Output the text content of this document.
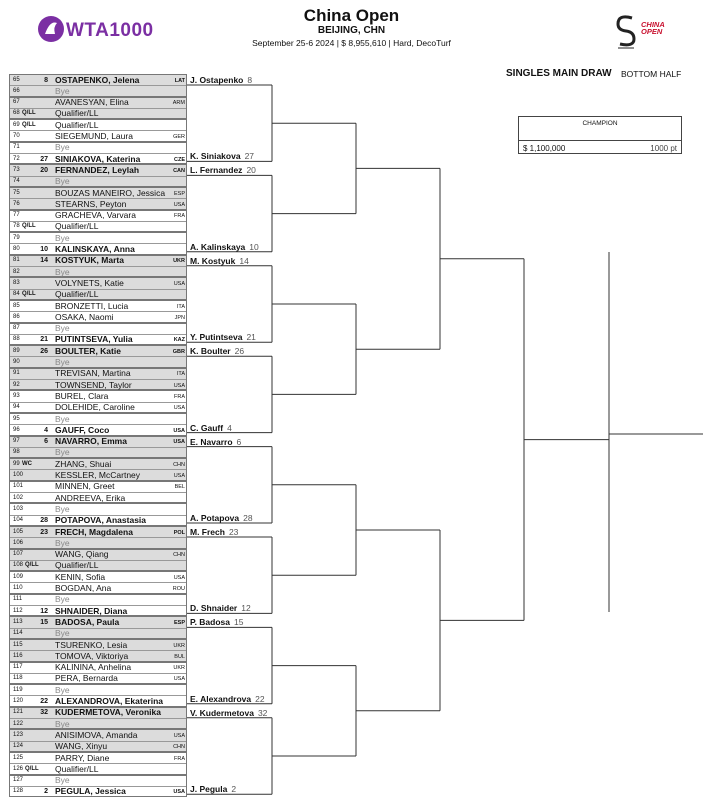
WTA1000
China Open
BEIJING, CHN
September 25-6 2024 | $ 8,955,610 | Hard, DecoTurf
CHINA
OPEN
SINGLES MAIN DRAW BOTTOM HALF
CHAMPION
$ 1,100,000	1000 pt
65	8 OSTAPENKO, Jelena	LAT
66	Bye
67	AVANESYAN, Elina	ARM
68 Q/LL Qualifier/LL
69 Q/LL Qualifier/LL
70	SIEGEMUND, Laura	GER
71	Bye
72	27 SINIAKOVA, Katerina	CZE
73	20 FERNANDEZ, Leylah	CAN
74	Bye
75	BOUZAS MANEIRO, Jessica ESP
76	STEARNS, Peyton	USA
77	GRACHEVA, Varvara	FRA
78 Q/LL Qualifier/LL
79	Bye
80	10 KALINSKAYA, Anna
81	14 KOSTYUK, Marta	UKR
82	Bye
83	VOLYNETS, Katie	USA
84 Q/LL Qualifier/LL
85	BRONZETTI, Lucia	ITA
86	OSAKA, Naomi	JPN
87	Bye
88	21 PUTINTSEVA, Yulia	KAZ
89	26 BOULTER, Katie	GBR
90	Bye
91	TREVISAN, Martina	ITA
92	TOWNSEND, Taylor	USA
93	BUREL, Clara	FRA
94	DOLEHIDE, Caroline	USA
95	Bye
96	4 GAUFF, Coco	USA
97	6 NAVARRO, Emma	USA
98	Bye
99 WC	ZHANG, Shuai	CHN
100	KESSLER, McCartney	USA
101	MINNEN, Greet	BEL
102	ANDREEVA, Erika
103	Bye
104	28 POTAPOVA, Anastasia
105	23 FRECH, Magdalena	POL
106	Bye
107	WANG, Qiang	CHN
108 Q/LL Qualifier/LL
109	KENIN, Sofia	USA
110	BOGDAN, Ana	ROU
111	Bye
112	12 SHNAIDER, Diana
113	15 BADOSA, Paula	ESP
114	Bye
115	TSURENKO, Lesia	UKR
116	TOMOVA, Viktoriya	BUL
117	KALININA, Anhelina	UKR
118	PERA, Bernarda	USA
119	Bye
120	22 ALEXANDROVA, Ekaterina
121	32 KUDERMETOVA, Veronika
122	Bye
123	ANISIMOVA, Amanda	USA
124	WANG, Xinyu	CHN
125	PARRY, Diane	FRA
126 Q/LL Qualifier/LL
127	Bye
128	2 PEGULA, Jessica	USA
J. Ostapenko 8
K. Siniakova 27
L. Fernandez 20
A. Kalinskaya 10
M. Kostyuk 14
Y. Putintseva 21
K. Boulter 26
C. Gauff 4
E. Navarro 6
A. Potapova 28
M. Frech 23
D. Shnaider 12
P. Badosa 15
E. Alexandrova 22
V. Kudermetova 32
J. Pegula 2
